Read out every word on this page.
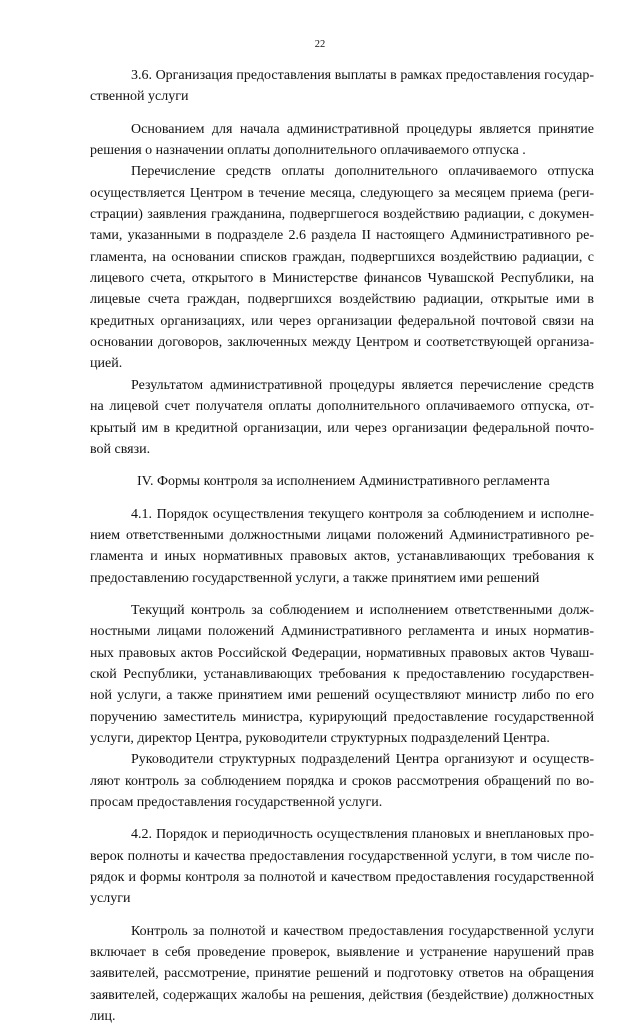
22
3.6. Организация предоставления выплаты в рамках предоставления государ-
ственной услуги
Основанием для начала административной процедуры является принятие
решения о назначении оплаты дополнительного оплачиваемого отпуска .
Перечисление средств оплаты дополнительного оплачиваемого отпуска
осуществляется Центром в течение месяца, следующего за месяцем приема (реги-
страции) заявления гражданина, подвергшегося воздействию радиации, с докумен-
тами, указанными в подразделе 2.6 раздела II настоящего Административного ре-
гламента, на основании списков граждан, подвергшихся воздействию радиации, с
лицевого счета, открытого в Министерстве финансов Чувашской Республики, на
лицевые счета граждан, подвергшихся воздействию радиации, открытые ими в
кредитных организациях, или через организации федеральной почтовой связи на
основании договоров, заключенных между Центром и соответствующей организа-
цией.
Результатом административной процедуры является перечисление средств
на лицевой счет получателя оплаты дополнительного оплачиваемого отпуска, от-
крытый им в кредитной организации, или через организации федеральной почто-
вой связи.
IV. Формы контроля за исполнением Административного регламента
4.1. Порядок осуществления текущего контроля за соблюдением и исполне-
нием ответственными должностными лицами положений Административного ре-
гламента и иных нормативных правовых актов, устанавливающих требования к
предоставлению государственной услуги, а также принятием ими решений
Текущий контроль за соблюдением и исполнением ответственными долж-
ностными лицами положений Административного регламента и иных норматив-
ных правовых актов Российской Федерации, нормативных правовых актов Чуваш-
ской Республики, устанавливающих требования к предоставлению государствен-
ной услуги, а также принятием ими решений осуществляют министр либо по его
поручению заместитель министра, курирующий предоставление государственной
услуги, директор Центра, руководители структурных подразделений Центра.
Руководители структурных подразделений Центра организуют и осуществ-
ляют контроль за соблюдением порядка и сроков рассмотрения обращений по во-
просам предоставления государственной услуги.
4.2. Порядок и периодичность осуществления плановых и внеплановых про-
верок полноты и качества предоставления государственной услуги, в том числе по-
рядок и формы контроля за полнотой и качеством предоставления государственной
услуги
Контроль за полнотой и качеством предоставления государственной услуги
включает в себя проведение проверок, выявление и устранение нарушений прав
заявителей, рассмотрение, принятие решений и подготовку ответов на обращения
заявителей, содержащих жалобы на решения, действия (бездействие) должностных
лиц.
